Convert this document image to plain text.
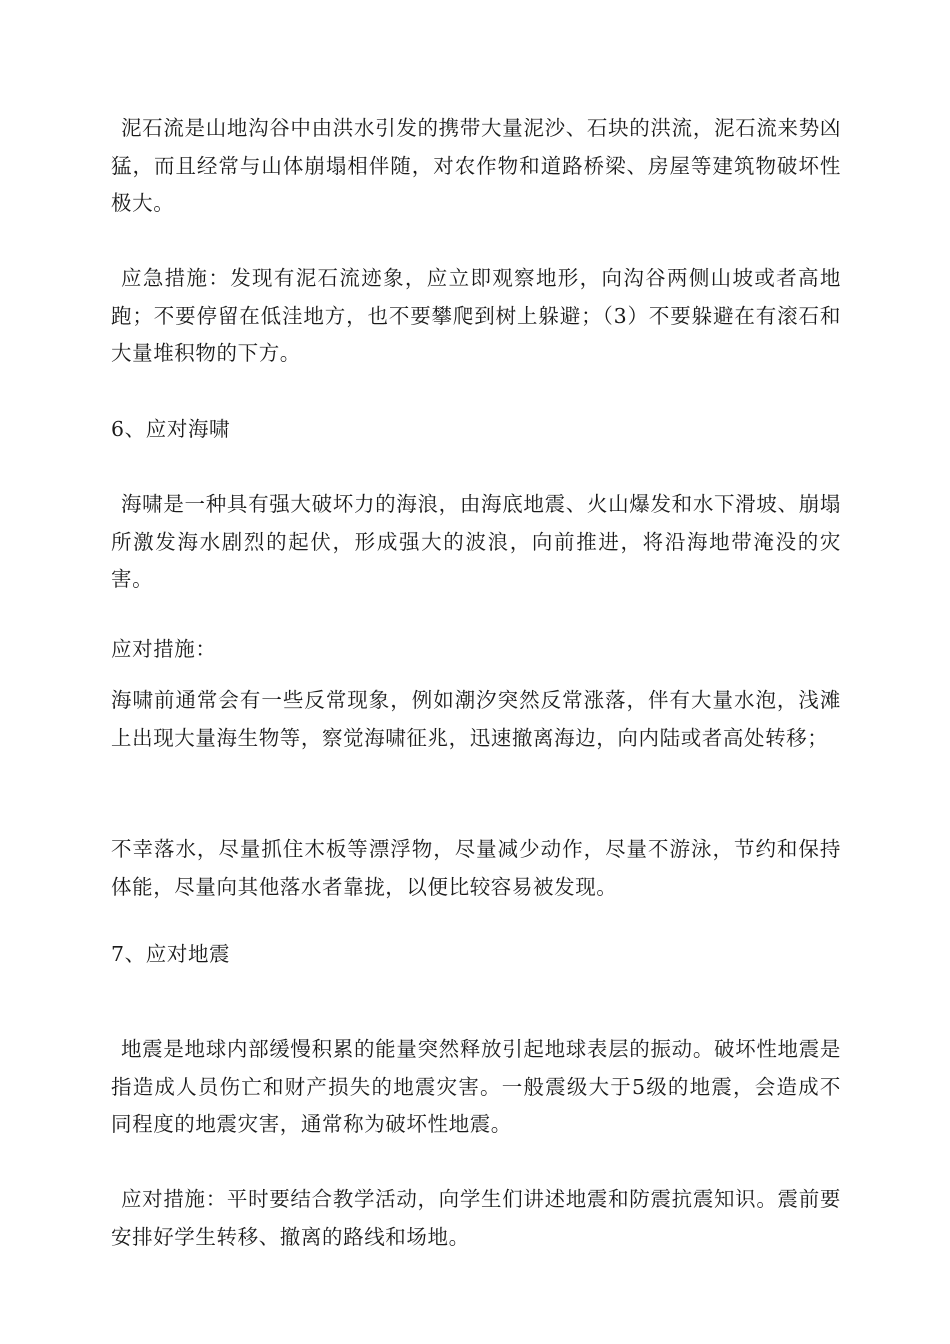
泥石流是山地沟谷中由洪水引发的携带大量泥沙、石块的洪流，泥石流来势凶猛，而且经常与山体崩塌相伴随，对农作物和道路桥梁、房屋等建筑物破坏性极大。

应急措施：发现有泥石流迹象，应立即观察地形，向沟谷两侧山坡或者高地跑；不要停留在低洼地方，也不要攀爬到树上躲避；（3）不要躲避在有滚石和大量堆积物的下方。

6、应对海啸

海啸是一种具有强大破坏力的海浪，由海底地震、火山爆发和水下滑坡、崩塌所激发海水剧烈的起伏，形成强大的波浪，向前推进，将沿海地带淹没的灾害。

应对措施：

海啸前通常会有一些反常现象，例如潮汐突然反常涨落，伴有大量水泡，浅滩上出现大量海生物等，察觉海啸征兆，迅速撤离海边，向内陆或者高处转移；

不幸落水，尽量抓住木板等漂浮物，尽量减少动作，尽量不游泳，节约和保持体能，尽量向其他落水者靠拢，以便比较容易被发现。

7、应对地震

地震是地球内部缓慢积累的能量突然释放引起地球表层的振动。破坏性地震是指造成人员伤亡和财产损失的地震灾害。一般震级大于5级的地震，会造成不同程度的地震灾害，通常称为破坏性地震。

应对措施：平时要结合教学活动，向学生们讲述地震和防震抗震知识。震前要安排好学生转移、撤离的路线和场地。
